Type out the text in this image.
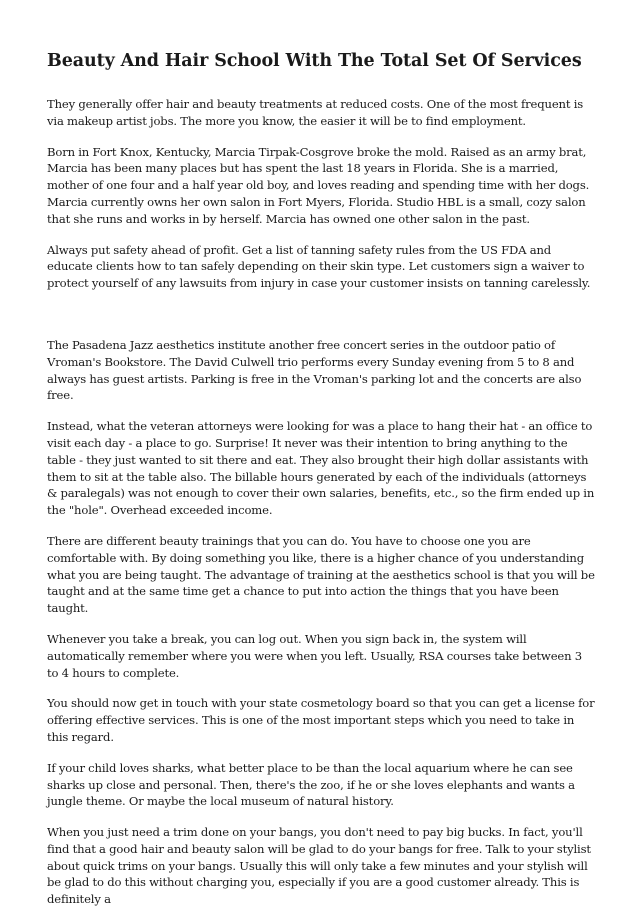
Beauty And Hair School With The Total Set Of Services

They generally offer hair and beauty treatments at reduced costs. One of the most frequent is via makeup artist jobs. The more you know, the easier it will be to find employment.

Born in Fort Knox, Kentucky, Marcia Tirpak-Cosgrove broke the mold. Raised as an army brat, Marcia has been many places but has spent the last 18 years in Florida. She is a married, mother of one four and a half year old boy, and loves reading and spending time with her dogs. Marcia currently owns her own salon in Fort Myers, Florida. Studio HBL is a small, cozy salon that she runs and works in by herself. Marcia has owned one other salon in the past.

Always put safety ahead of profit. Get a list of tanning safety rules from the US FDA and educate clients how to tan safely depending on their skin type. Let customers sign a waiver to protect yourself of any lawsuits from injury in case your customer insists on tanning carelessly.

The Pasadena Jazz aesthetics institute another free concert series in the outdoor patio of Vroman's Bookstore. The David Culwell trio performs every Sunday evening from 5 to 8 and always has guest artists. Parking is free in the Vroman's parking lot and the concerts are also free.

Instead, what the veteran attorneys were looking for was a place to hang their hat - an office to visit each day - a place to go. Surprise! It never was their intention to bring anything to the table - they just wanted to sit there and eat. They also brought their high dollar assistants with them to sit at the table also. The billable hours generated by each of the individuals (attorneys & paralegals) was not enough to cover their own salaries, benefits, etc., so the firm ended up in the "hole". Overhead exceeded income.

There are different beauty trainings that you can do. You have to choose one you are comfortable with. By doing something you like, there is a higher chance of you understanding what you are being taught. The advantage of training at the aesthetics school is that you will be taught and at the same time get a chance to put into action the things that you have been taught.

Whenever you take a break, you can log out. When you sign back in, the system will automatically remember where you were when you left. Usually, RSA courses take between 3 to 4 hours to complete.

You should now get in touch with your state cosmetology board so that you can get a license for offering effective services. This is one of the most important steps which you need to take in this regard.

If your child loves sharks, what better place to be than the local aquarium where he can see sharks up close and personal. Then, there's the zoo, if he or she loves elephants and wants a jungle theme. Or maybe the local museum of natural history.

When you just need a trim done on your bangs, you don't need to pay big bucks. In fact, you'll find that a good hair and beauty salon will be glad to do your bangs for free. Talk to your stylist about quick trims on your bangs. Usually this will only take a few minutes and your stylish will be glad to do this without charging you, especially if you are a good customer already. This is definitely a
